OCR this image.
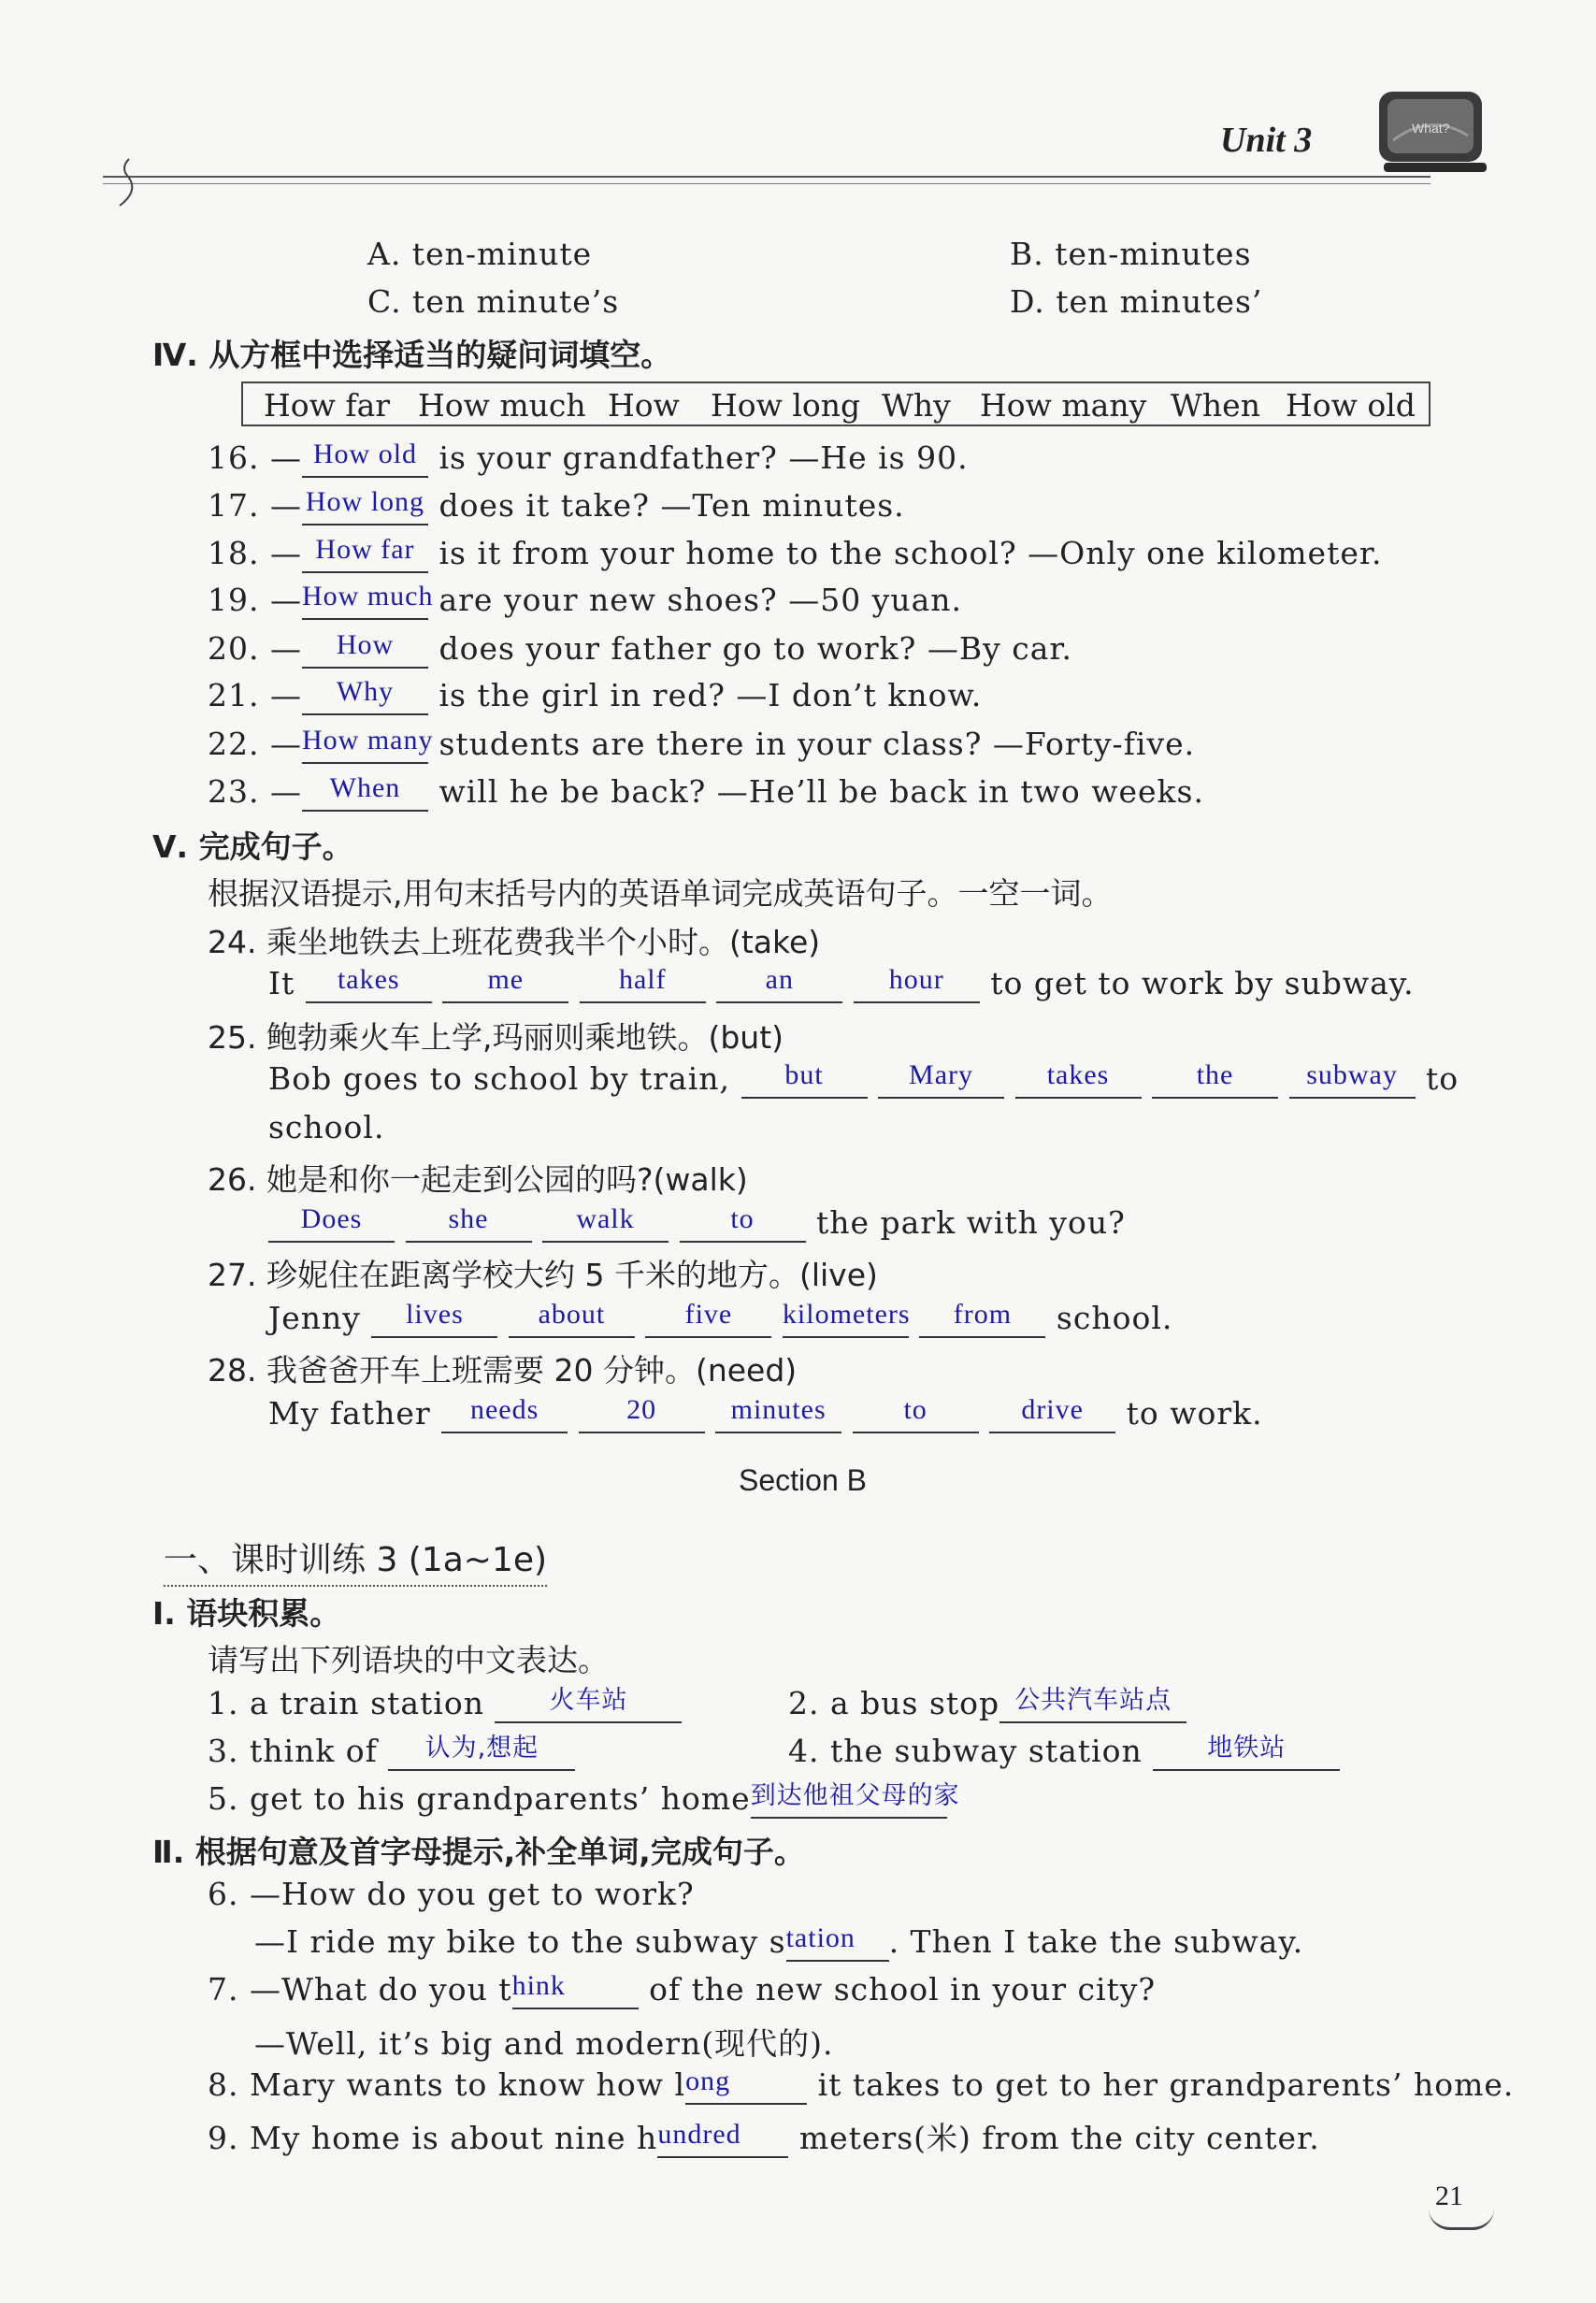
Unit 3	What?
A. ten-minute	B. ten-minutes
C. ten minute’s	D. ten minutes’
Ⅳ. 从方框中选择适当的疑问词填空。
How far How much How How long Why How many When How old
16. — How old is your grandfather? —He is 90.
17. — How long does it take? —Ten minutes.
18. — How far is it from your home to the school? —Only one kilometer.
19. —How much are your new shoes? —50 yuan.
20. — How does your father go to work? —By car.
21. — Why is the girl in red? —I don’t know.
22. —How many students are there in your class? —Forty-five.
23. — When will he be back? —He’ll be back in two weeks.
Ⅴ. 完成句子。
根据汉语提示,用句末括号内的英语单词完成英语句子。一空一词。
24. 乘坐地铁去上班花费我半个小时。(take)
It takes	me	half	an	hour to get to work by subway.
25. 鲍勃乘火车上学,玛丽则乘地铁。(but)
Bob goes to school by train, but	Mary	takes	the	subway to
school.
26. 她是和你一起走到公园的吗?(walk)
Does	she	walk	to the park with you?
27. 珍妮住在距离学校大约 5 千米的地方。(live)
Jenny lives	about	five kilometers from school.
28. 我爸爸开车上班需要 20 分钟。(need)
My father needs	20	minutes	to	drive to work.
Section B
一、课时训练 3 (1a~1e)
Ⅰ. 语块积累。
请写出下列语块的中文表达。
1. a train station	火车站	2. a bus stop 公共汽车站点
3. think of 认为,想起	4. the subway station	地铁站
5. get to his grandparents’ home到达他祖父母的家
Ⅱ. 根据句意及首字母提示,补全单词,完成句子。
6. —How do you get to work?
—I ride my bike to the subway station . Then I take the subway.
7. —What do you think	of the new school in your city?
—Well, it’s big and modern(现代的).
8. Mary wants to know how long	it takes to get to her grandparents’ home.
9. My home is about nine hundred meters(米) from the city center.
21
